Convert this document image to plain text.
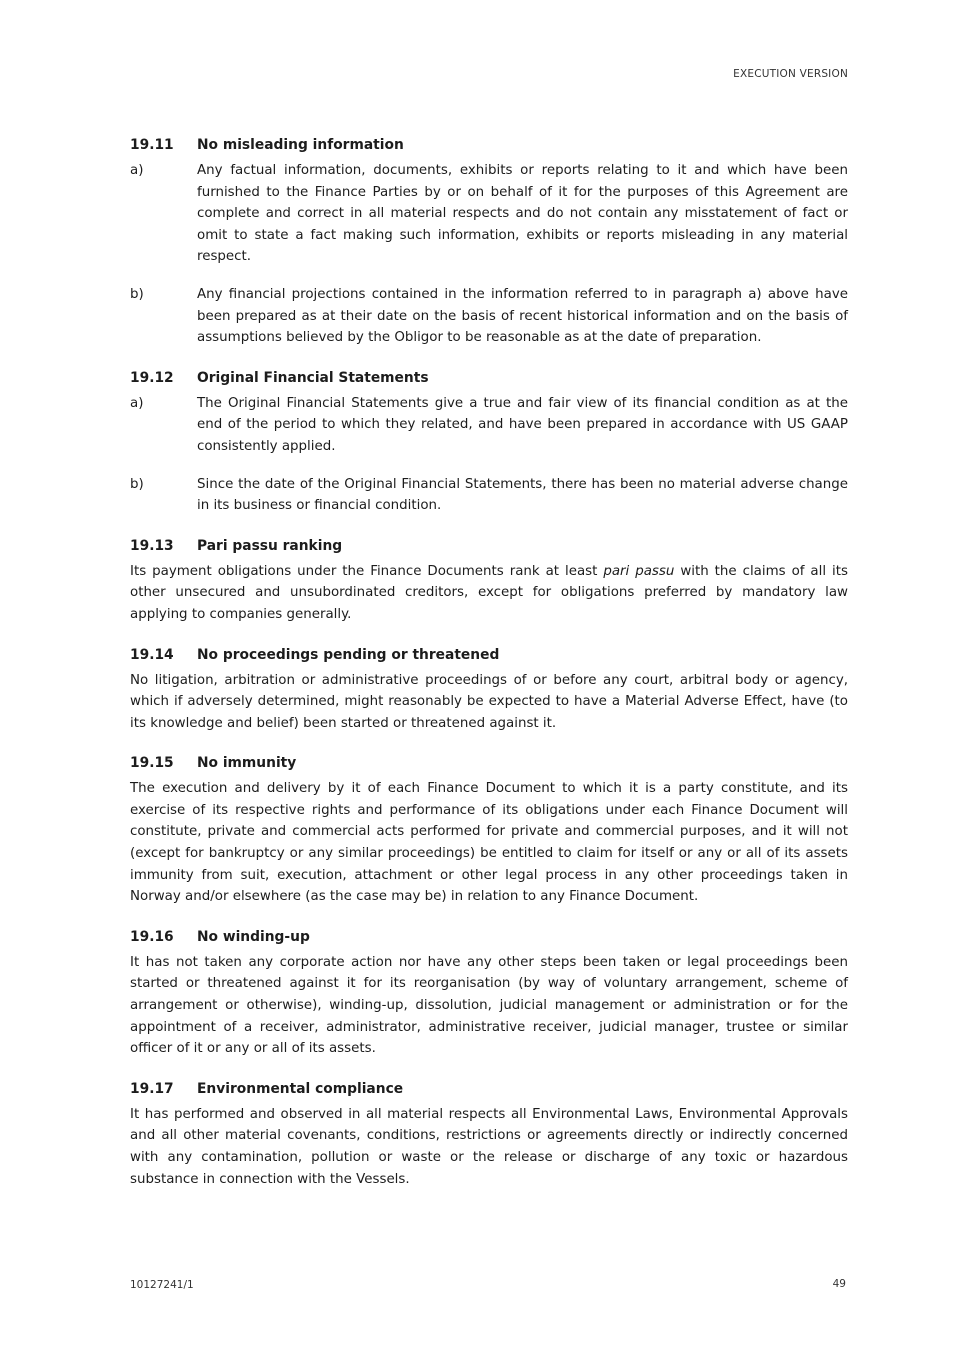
EXECUTION VERSION
19.11	No misleading information
a)	Any factual information, documents, exhibits or reports relating to it and which have been furnished to the Finance Parties by or on behalf of it for the purposes of this Agreement are complete and correct in all material respects and do not contain any misstatement of fact or omit to state a fact making such information, exhibits or reports misleading in any material respect.
b)	Any financial projections contained in the information referred to in paragraph a) above have been prepared as at their date on the basis of recent historical information and on the basis of assumptions believed by the Obligor to be reasonable as at the date of preparation.
19.12	Original Financial Statements
a)	The Original Financial Statements give a true and fair view of its financial condition as at the end of the period to which they related, and have been prepared in accordance with US GAAP consistently applied.
b)	Since the date of the Original Financial Statements, there has been no material adverse change in its business or financial condition.
19.13	Pari passu ranking
Its payment obligations under the Finance Documents rank at least pari passu with the claims of all its other unsecured and unsubordinated creditors, except for obligations preferred by mandatory law applying to companies generally.
19.14	No proceedings pending or threatened
No litigation, arbitration or administrative proceedings of or before any court, arbitral body or agency, which if adversely determined, might reasonably be expected to have a Material Adverse Effect, have (to its knowledge and belief) been started or threatened against it.
19.15	No immunity
The execution and delivery by it of each Finance Document to which it is a party constitute, and its exercise of its respective rights and performance of its obligations under each Finance Document will constitute, private and commercial acts performed for private and commercial purposes, and it will not (except for bankruptcy or any similar proceedings) be entitled to claim for itself or any or all of its assets immunity from suit, execution, attachment or other legal process in any other proceedings taken in Norway and/or elsewhere (as the case may be) in relation to any Finance Document.
19.16	No winding-up
It has not taken any corporate action nor have any other steps been taken or legal proceedings been started or threatened against it for its reorganisation (by way of voluntary arrangement, scheme of arrangement or otherwise), winding-up, dissolution, judicial management or administration or for the appointment of a receiver, administrator, administrative receiver, judicial manager, trustee or similar officer of it or any or all of its assets.
19.17	Environmental compliance
It has performed and observed in all material respects all Environmental Laws, Environmental Approvals and all other material covenants, conditions, restrictions or agreements directly or indirectly concerned with any contamination, pollution or waste or the release or discharge of any toxic or hazardous substance in connection with the Vessels.
10127241/1	49
